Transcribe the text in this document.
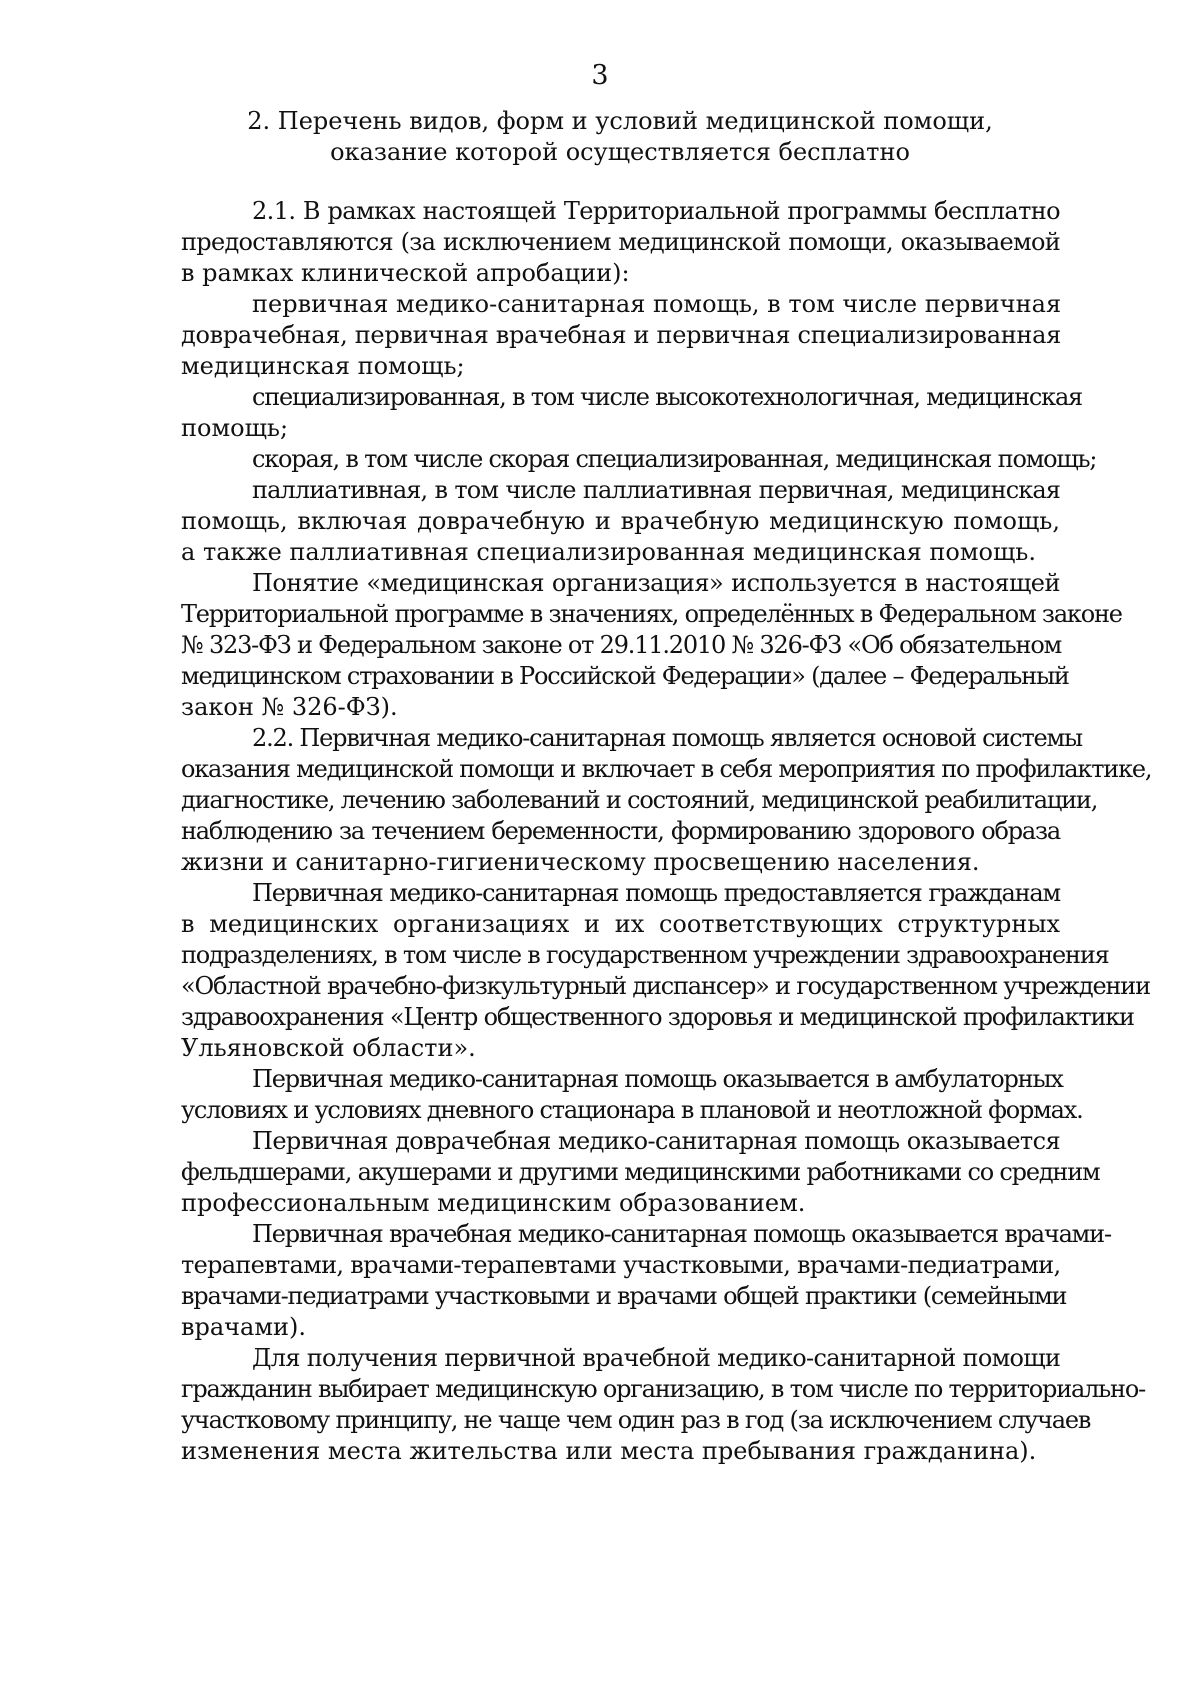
3
2. Перечень видов, форм и условий медицинской помощи,
оказание которой осуществляется бесплатно

2.1. В рамках настоящей Территориальной программы бесплатно
предоставляются (за исключением медицинской помощи, оказываемой
в рамках клинической апробации):

первичная медико-санитарная помощь, в том числе первичная
доврачебная, первичная врачебная и первичная специализированная
медицинская помощь;

специализированная, в том числе высокотехнологичная, медицинская
помощь;

скорая, в том числе скорая специализированная, медицинская помощь;

паллиативная, в том числе паллиативная первичная, медицинская
помощь, включая доврачебную и врачебную медицинскую помощь,
а также паллиативная специализированная медицинская помощь.

Понятие «медицинская организация» используется в настоящей
Территориальной программе в значениях, определённых в Федеральном законе
№ 323-ФЗ и Федеральном законе от 29.11.2010 № 326-ФЗ «Об обязательном
медицинском страховании в Российской Федерации» (далее – Федеральный
закон № 326-ФЗ).

2.2. Первичная медико-санитарная помощь является основой системы
оказания медицинской помощи и включает в себя мероприятия по профилактике,
диагностике, лечению заболеваний и состояний, медицинской реабилитации,
наблюдению за течением беременности, формированию здорового образа
жизни и санитарно-гигиеническому просвещению населения.

Первичная медико-санитарная помощь предоставляется гражданам
в медицинских организациях и их соответствующих структурных
подразделениях, в том числе в государственном учреждении здравоохранения
«Областной врачебно-физкультурный диспансер» и государственном учреждении
здравоохранения «Центр общественного здоровья и медицинской профилактики
Ульяновской области».

Первичная медико-санитарная помощь оказывается в амбулаторных
условиях и условиях дневного стационара в плановой и неотложной формах.

Первичная доврачебная медико-санитарная помощь оказывается
фельдшерами, акушерами и другими медицинскими работниками со средним
профессиональным медицинским образованием.

Первичная врачебная медико-санитарная помощь оказывается врачами-
терапевтами, врачами-терапевтами участковыми, врачами-педиатрами,
врачами-педиатрами участковыми и врачами общей практики (семейными
врачами).

Для получения первичной врачебной медико-санитарной помощи
гражданин выбирает медицинскую организацию, в том числе по территориально-
участковому принципу, не чаще чем один раз в год (за исключением случаев
изменения места жительства или места пребывания гражданина).
